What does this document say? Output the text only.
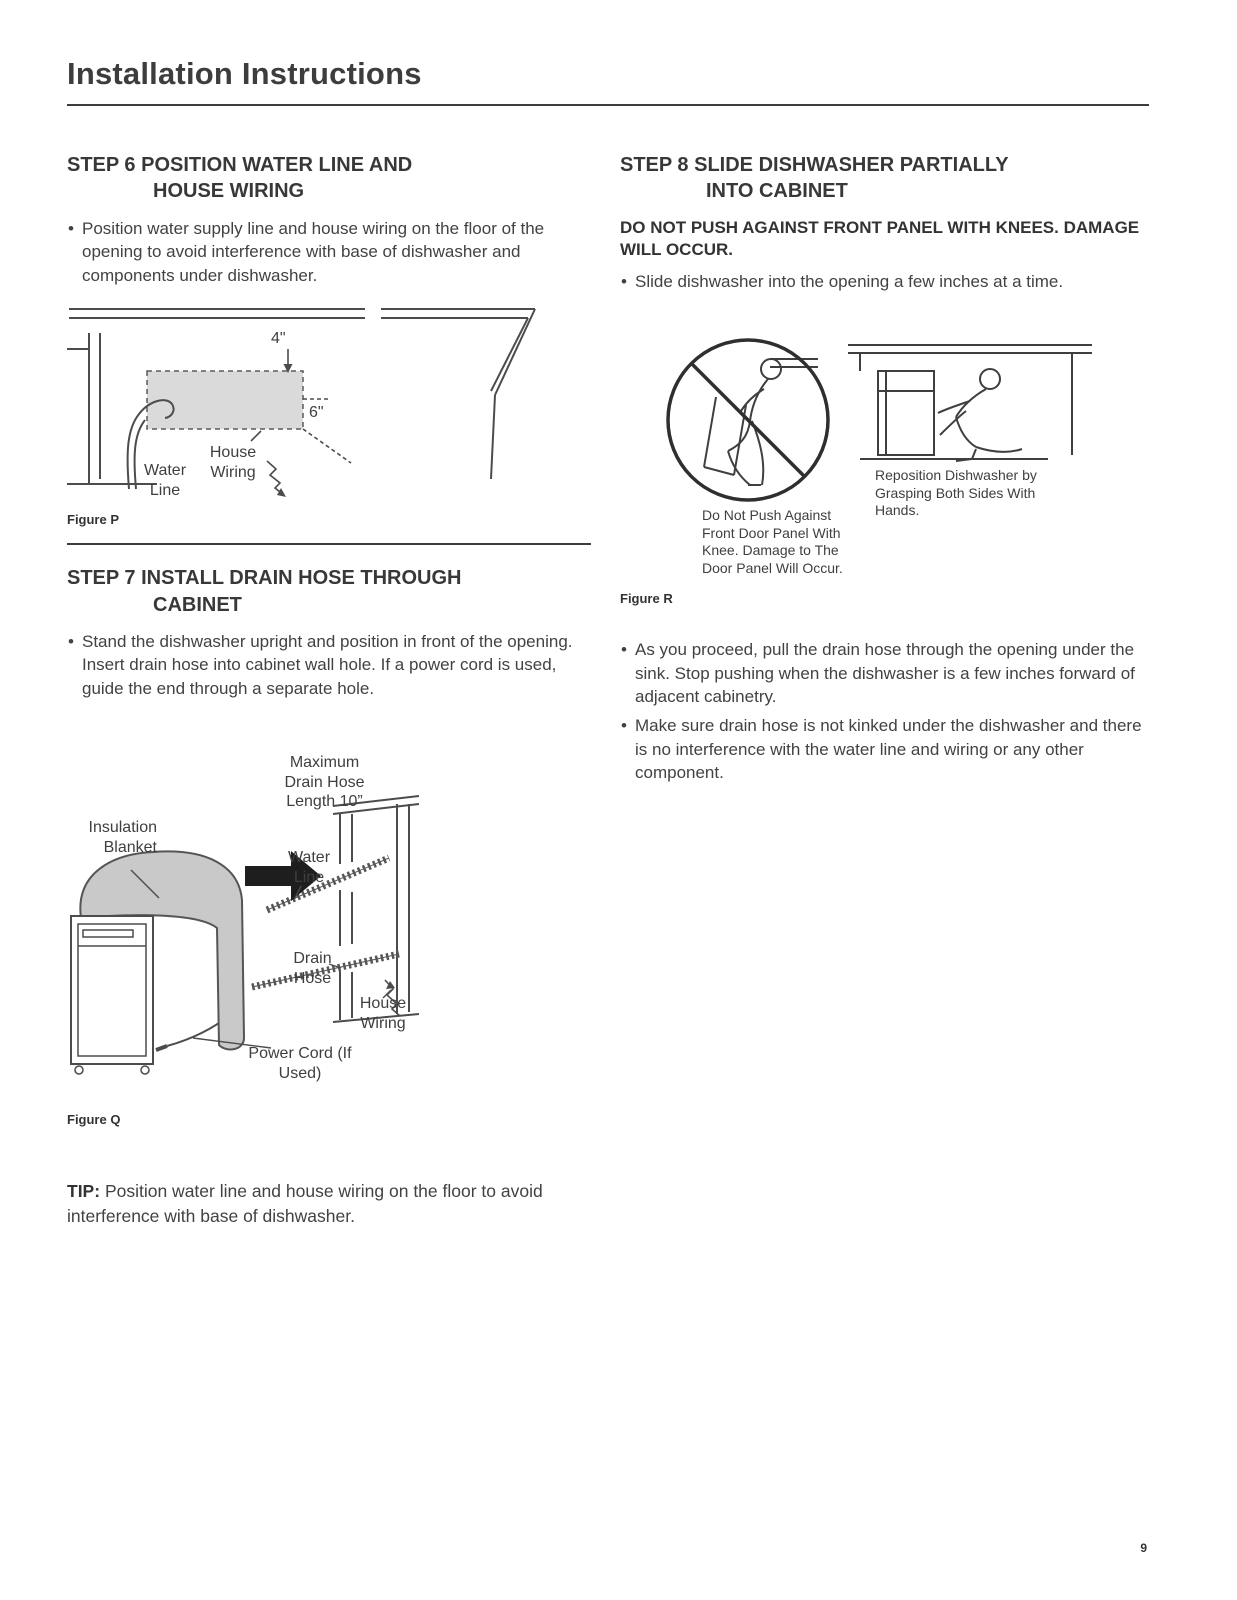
Installation Instructions
STEP 6 POSITION WATER LINE AND
HOUSE WIRING
• Position water supply line and house wiring on the floor of the opening to avoid interference with base of dishwasher and components under dishwasher.
4"
6"
House Wiring
Water Line
Figure P
STEP 7 INSTALL DRAIN HOSE THROUGH
CABINET
• Stand the dishwasher upright and position in front of the opening. Insert drain hose into cabinet wall hole. If a power cord is used, guide the end through a separate hole.
Maximum Drain Hose Length 10”
Insulation Blanket
Water Line
Drain Hose
House Wiring
Power Cord (If Used)
Figure Q

TIP: Position water line and house wiring on the floor to avoid interference with base of dishwasher.

STEP 8 SLIDE DISHWASHER PARTIALLY
INTO CABINET

DO NOT PUSH AGAINST FRONT PANEL WITH KNEES. DAMAGE WILL OCCUR.

• Slide dishwasher into the opening a few inches at a time.
Do Not Push Against Front Door Panel With Knee. Damage to The Door Panel Will Occur.
Reposition Dishwasher by Grasping Both Sides With Hands.
Figure R
• As you proceed, pull the drain hose through the opening under the sink. Stop pushing when the dishwasher is a few inches forward of adjacent cabinetry.
• Make sure drain hose is not kinked under the dishwasher and there is no interference with the water line and wiring or any other component.
9
